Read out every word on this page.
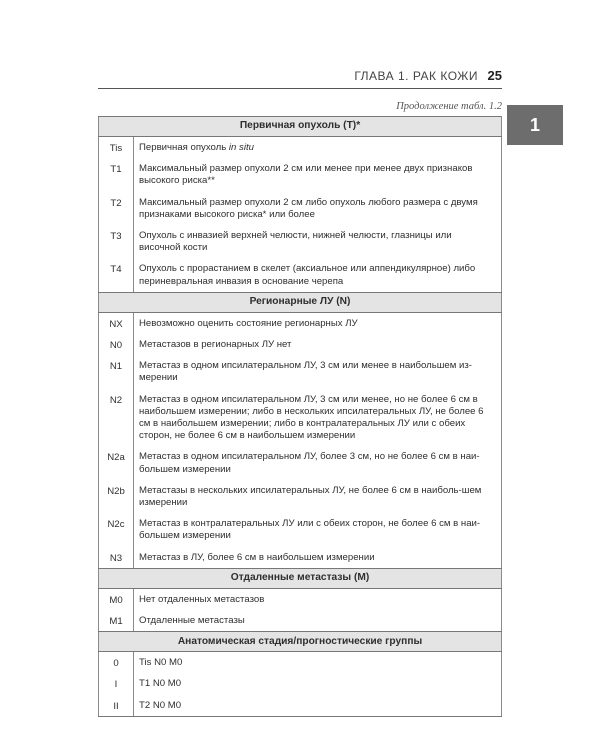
ГЛАВА 1. РАК КОЖИ 25
Продолжение табл. 1.2
1
Первичная опухоль (T)*	
Tis	Первичная опухоль in situ
T1	Максимальный размер опухоли 2 см или менее при менее двух признаков высокого риска**
T2	Максимальный размер опухоли 2 см либо опухоль любого размера с двумя признаками высокого риска* или более
T3	Опухоль с инвазией верхней челюсти, нижней челюсти, глазницы или височной кости
T4	Опухоль с прорастанием в скелет (аксиальное или аппендикулярное) либо периневральная инвазия в основание черепа
Регионарные ЛУ (N)	
NX	Невозможно оценить состояние регионарных ЛУ
N0	Метастазов в регионарных ЛУ нет
N1	Метастаз в одном ипсилатеральном ЛУ, 3 см или менее в наибольшем из-мерении
N2	Метастаз в одном ипсилатеральном ЛУ, 3 см или менее, но не более 6 см в наибольшем измерении; либо в нескольких ипсилатеральных ЛУ, не более 6 см в наибольшем измерении; либо в контралатеральных ЛУ или с обеих сторон, не более 6 см в наибольшем измерении
N2a	Метастаз в одном ипсилатеральном ЛУ, более 3 см, но не более 6 см в наи-большем измерении
N2b	Метастазы в нескольких ипсилатеральных ЛУ, не более 6 см в наиболь-шем измерении
N2c	Метастаз в контралатеральных ЛУ или с обеих сторон, не более 6 см в наи-большем измерении
N3	Метастаз в ЛУ, более 6 см в наибольшем измерении
Отдаленные метастазы (M)	
M0	Нет отдаленных метастазов
M1	Отдаленные метастазы
Анатомическая стадия/прогностические группы	
0	Tis N0 M0
I	T1 N0 M0
II	T2 N0 M0
